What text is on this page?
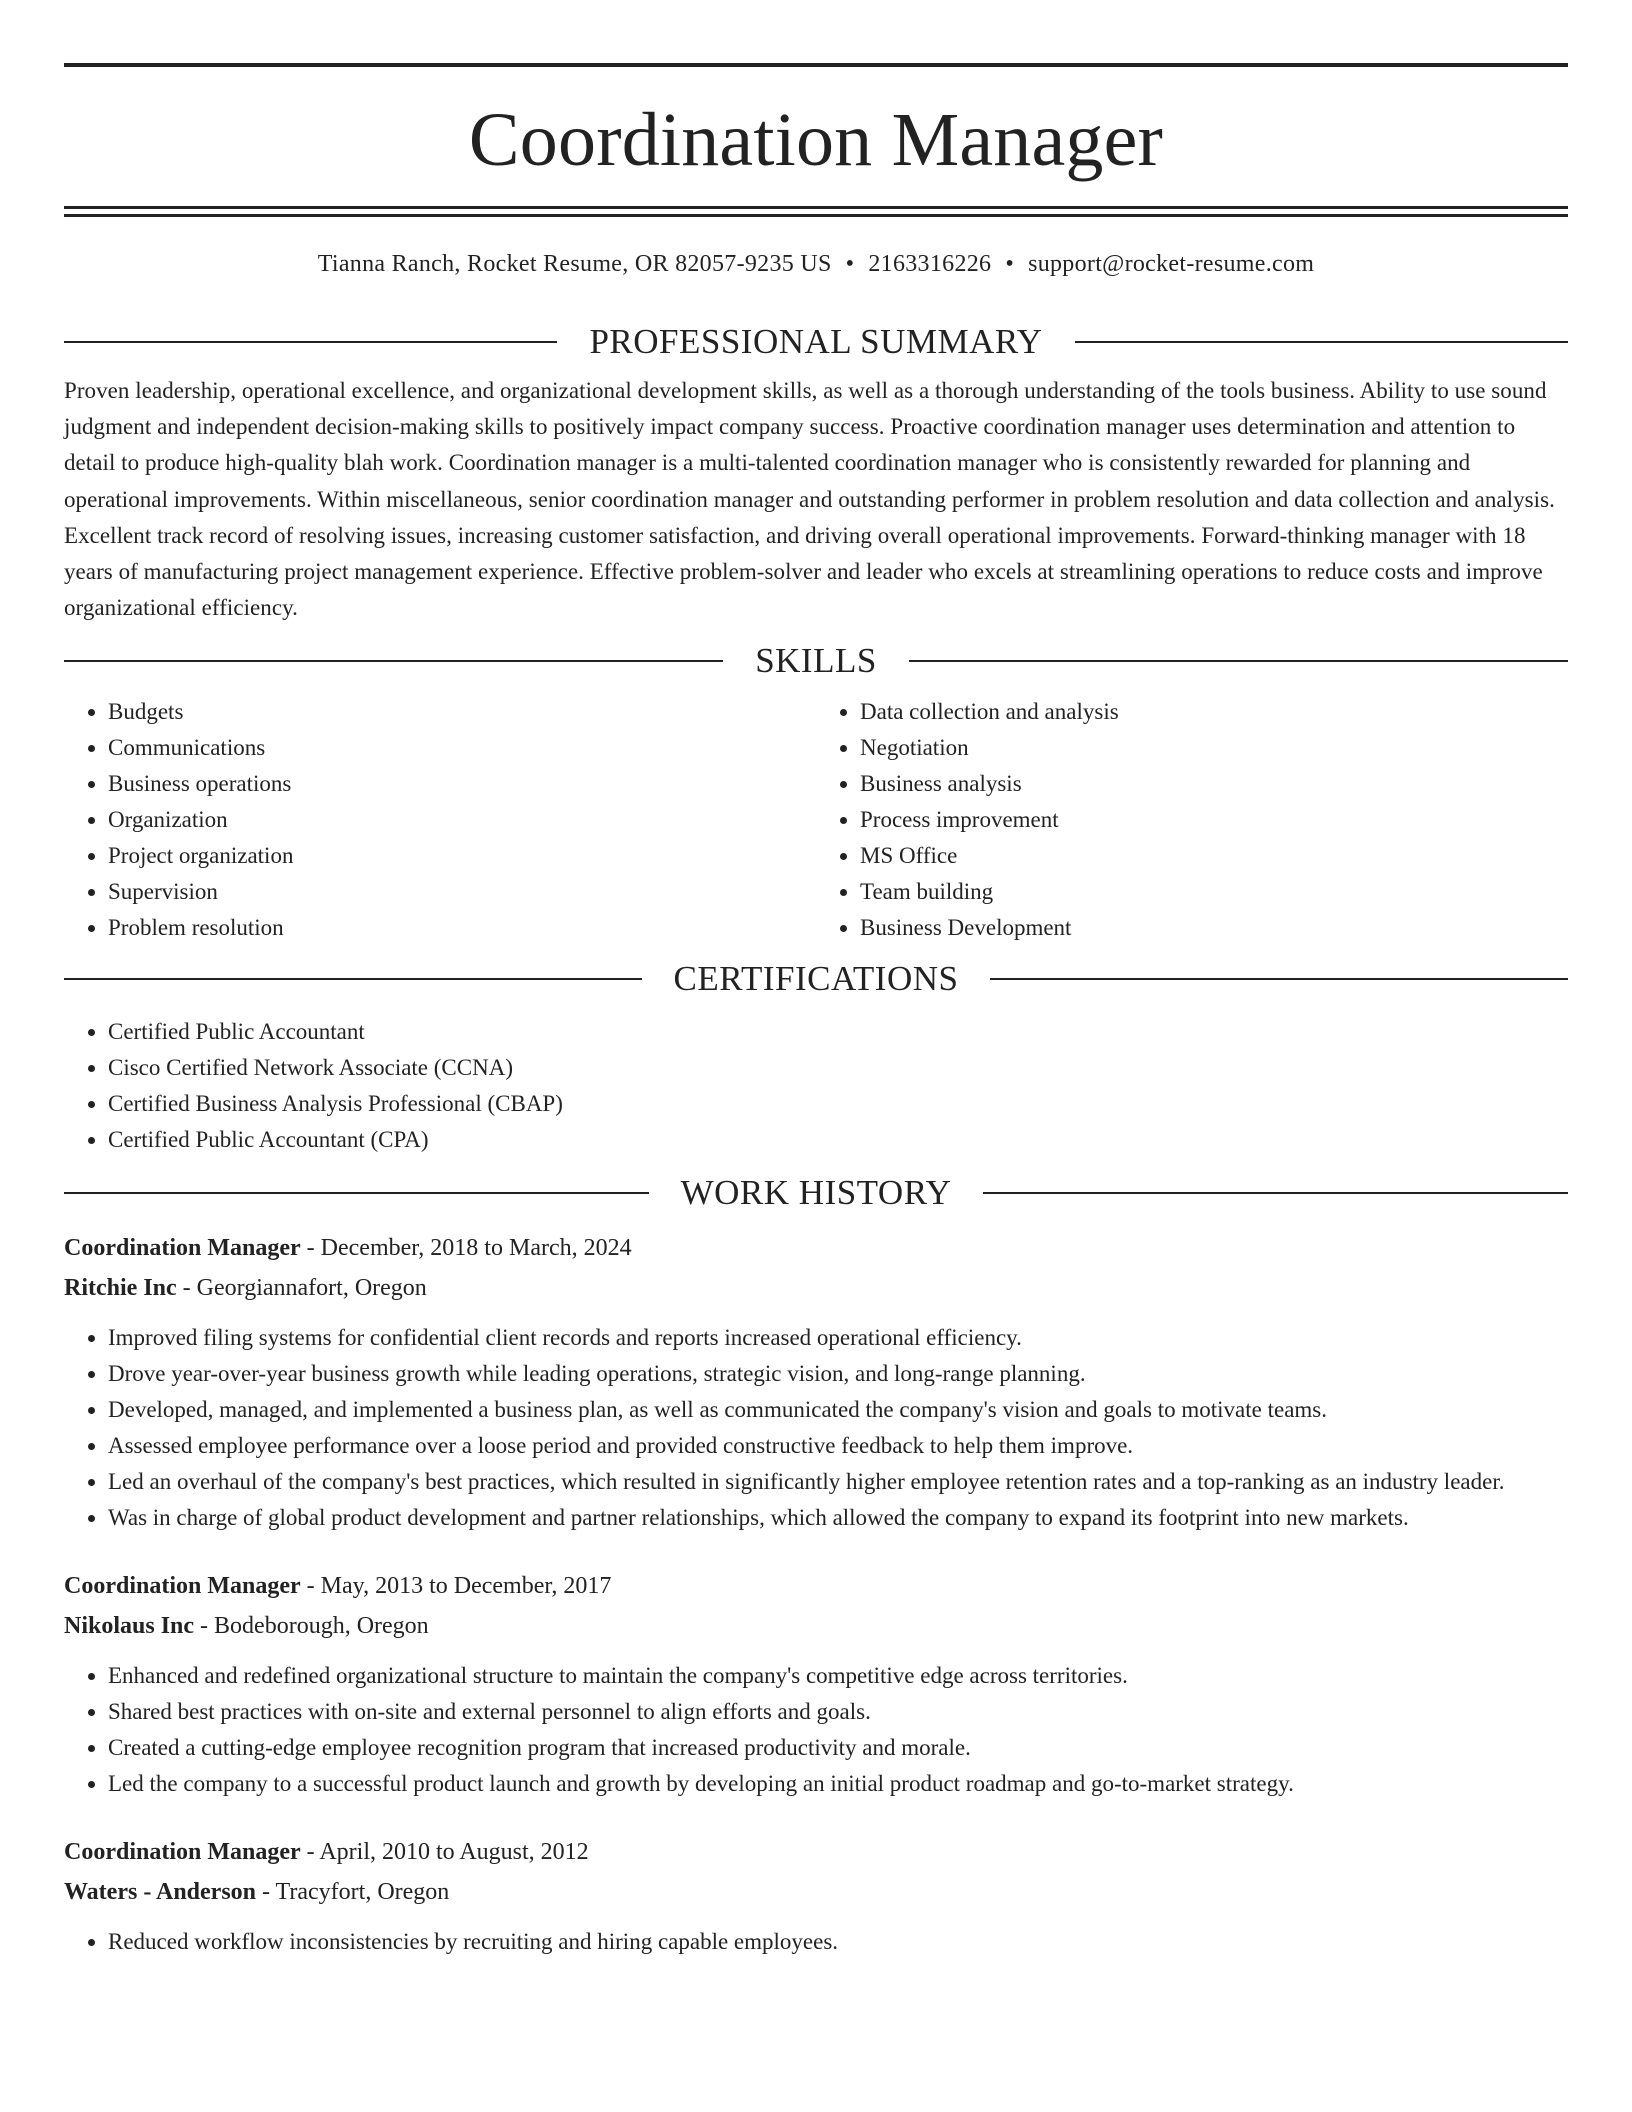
Coordination Manager
Tianna Ranch, Rocket Resume, OR 82057-9235 US • 2163316226 • support@rocket-resume.com
PROFESSIONAL SUMMARY

Proven leadership, operational excellence, and organizational development skills, as well as a thorough understanding of the tools business. Ability to use sound judgment and independent decision-making skills to positively impact company success. Proactive coordination manager uses determination and attention to detail to produce high-quality blah work. Coordination manager is a multi-talented coordination manager who is consistently rewarded for planning and operational improvements. Within miscellaneous, senior coordination manager and outstanding performer in problem resolution and data collection and analysis. Excellent track record of resolving issues, increasing customer satisfaction, and driving overall operational improvements. Forward-thinking manager with 18 years of manufacturing project management experience. Effective problem-solver and leader who excels at streamlining operations to reduce costs and improve organizational efficiency.

SKILLS
• Budgets
• Communications
• Business operations
• Organization
• Project organization
• Supervision
• Problem resolution
• Data collection and analysis
• Negotiation
• Business analysis
• Process improvement
• MS Office
• Team building
• Business Development
CERTIFICATIONS
• Certified Public Accountant
• Cisco Certified Network Associate (CCNA)
• Certified Business Analysis Professional (CBAP)
• Certified Public Accountant (CPA)
WORK HISTORY
Coordination Manager - December, 2018 to March, 2024
Ritchie Inc - Georgiannafort, Oregon
• Improved filing systems for confidential client records and reports increased operational efficiency.
• Drove year-over-year business growth while leading operations, strategic vision, and long-range planning.
• Developed, managed, and implemented a business plan, as well as communicated the company's vision and goals to motivate teams.
• Assessed employee performance over a loose period and provided constructive feedback to help them improve.
• Led an overhaul of the company's best practices, which resulted in significantly higher employee retention rates and a top-ranking as an industry leader.
• Was in charge of global product development and partner relationships, which allowed the company to expand its footprint into new markets.
Coordination Manager - May, 2013 to December, 2017
Nikolaus Inc - Bodeborough, Oregon
• Enhanced and redefined organizational structure to maintain the company's competitive edge across territories.
• Shared best practices with on-site and external personnel to align efforts and goals.
• Created a cutting-edge employee recognition program that increased productivity and morale.
• Led the company to a successful product launch and growth by developing an initial product roadmap and go-to-market strategy.
Coordination Manager - April, 2010 to August, 2012
Waters - Anderson - Tracyfort, Oregon
• Reduced workflow inconsistencies by recruiting and hiring capable employees.
